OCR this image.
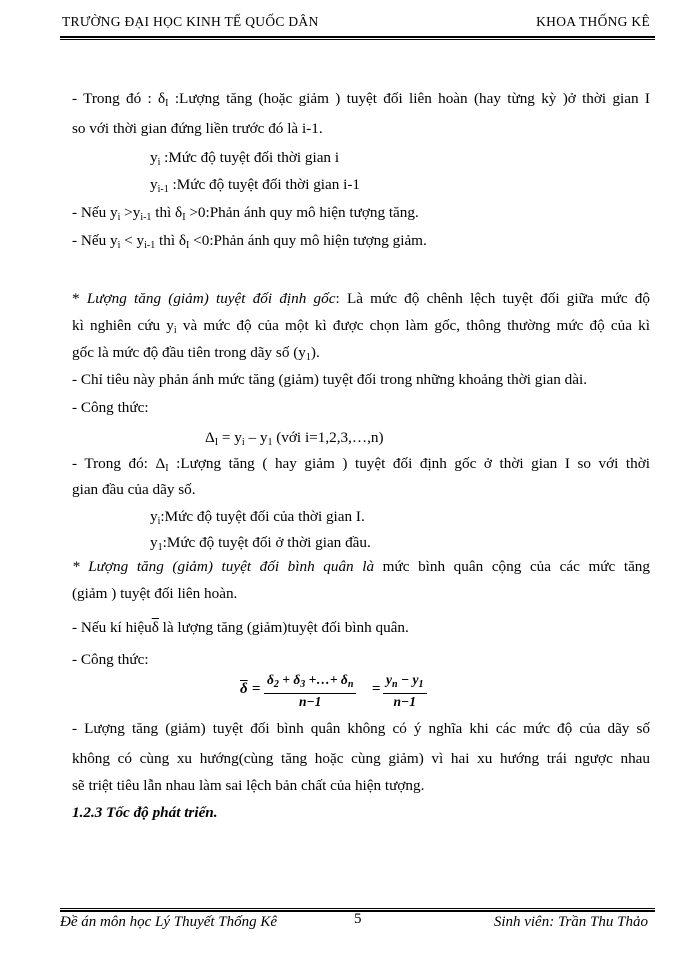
TRƯỜNG ĐẠI HỌC KINH TẾ QUỐC DÂN	KHOA THỐNG KÊ
- Trong đó : $\delta_I$ :Lượng tăng (hoặc giảm ) tuyệt đối liên hoàn (hay từng kỳ )ở thời gian I
so với thời gian đứng liền trước đó là i-1.
$y_i$ :Mức độ tuyệt đối thời gian i
$y_{i-1}$ :Mức độ tuyệt đối thời gian i-1
- Nếu $y_i >y_{i-1}$ thì $\delta_I$ >0:Phản ánh quy mô hiện tượng tăng.
- Nếu $y_i < y_{i-1}$ thì $\delta_I$ <0:Phản ánh quy mô hiện tượng giảm.
* Lượng tăng (giảm) tuyệt đối định gốc: Là mức độ chênh lệch tuyệt đối giữa mức độ
kì nghiên cứu $y_i$ và mức độ của một kì được chọn làm gốc, thông thường mức độ của kì
gốc là mức độ đầu tiên trong dãy số $(y_1)$.
- Chỉ tiêu này phản ánh mức tăng (giảm) tuyệt đối trong những khoảng thời gian dài.
- Công thức:
$\Delta_I = y_i - y_1$ (với i=1,2,3,…,n)
- Trong đó: $\Delta_I$ :Lượng tăng ( hay giảm ) tuyệt đối định gốc ở thời gian I so với thời
gian đầu của dãy số.
$y_i:Mức$ độ tuyệt đối của thời gian I.
$y_1:Mức$ độ tuyệt đối ở thời gian đầu.
* Lượng tăng (giảm) tuyệt đối bình quân là mức bình quân cộng của các mức tăng
(giảm ) tuyệt đối liên hoàn.
- Nếu kí $hiệu\overline{\delta}$ là lượng tăng (giảm)tuyệt đối bình quân.
- Công thức:
$\overline{\delta}$ =
$\delta_2 + \delta_3$ +…+ $\delta_n$
n−1
=
$y_n - y_1$
n−1
- Lượng tăng (giảm) tuyệt đối bình quân không có ý nghĩa khi các mức độ của dãy số
không có cùng xu hướng(cùng tăng hoặc cùng giảm) vì hai xu hướng trái ngược nhau
sẽ triệt tiêu lẫn nhau làm sai lệch bản chất của hiện tượng.
1.2.3 Tốc độ phát triển.
Đề án môn học Lý Thuyết Thống Kê	5	Sinh viên: Trần Thu Thảo
